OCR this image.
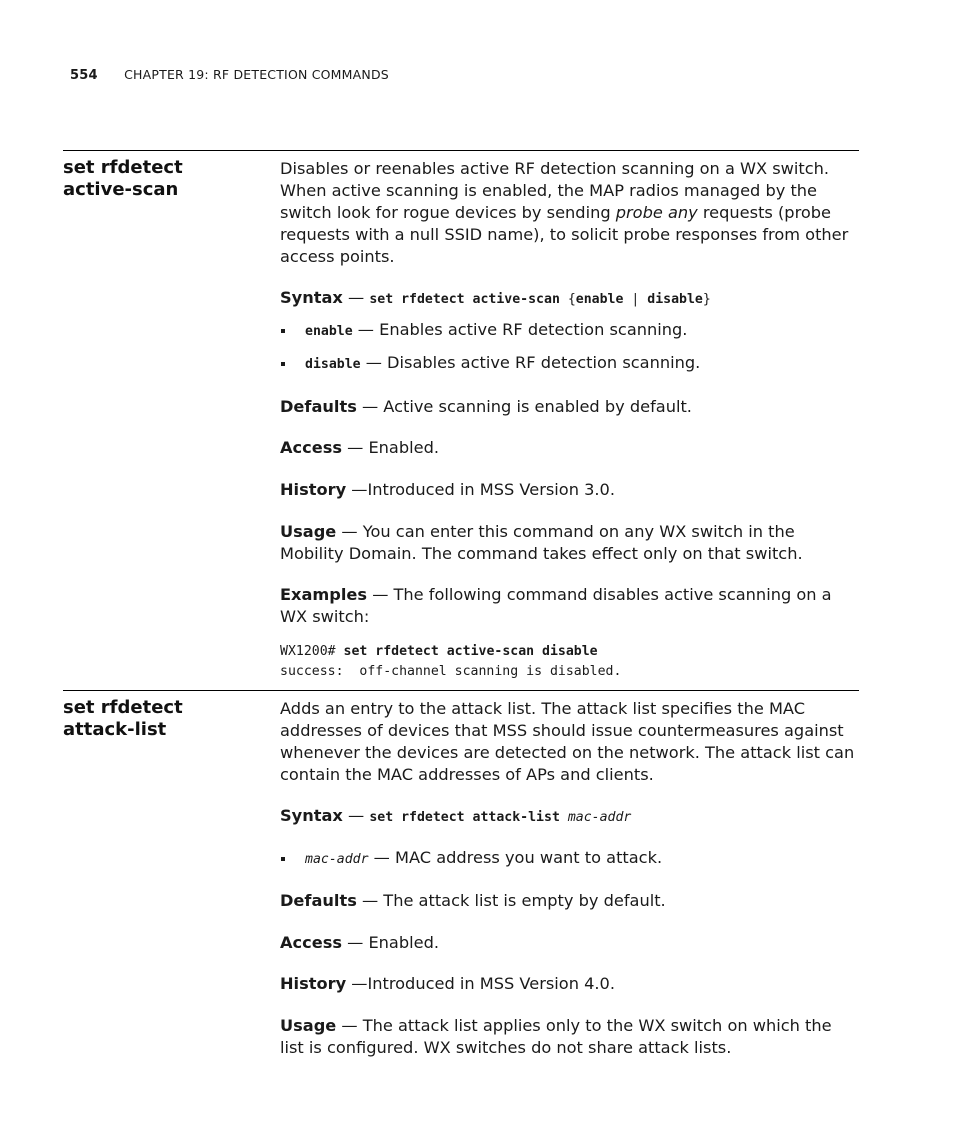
554 CHAPTER 19: RF DETECTION COMMANDS
set rfdetect
active-scan

Disables or reenables active RF detection scanning on a WX switch. When active scanning is enabled, the MAP radios managed by the switch look for rogue devices by sending probe any requests (probe requests with a null SSID name), to solicit probe responses from other access points.

Syntax — set rfdetect active-scan {enable | disable}

enable — Enables active RF detection scanning.
disable — Disables active RF detection scanning.

Defaults — Active scanning is enabled by default.

Access — Enabled.

History —Introduced in MSS Version 3.0.

Usage — You can enter this command on any WX switch in the Mobility Domain. The command takes effect only on that switch.

Examples — The following command disables active scanning on a WX switch:

WX1200# set rfdetect active-scan disable
success:  off-channel scanning is disabled.
set rfdetect
attack-list

Adds an entry to the attack list. The attack list specifies the MAC addresses of devices that MSS should issue countermeasures against whenever the devices are detected on the network. The attack list can contain the MAC addresses of APs and clients.

Syntax — set rfdetect attack-list mac-addr

mac-addr — MAC address you want to attack.

Defaults — The attack list is empty by default.

Access — Enabled.

History —Introduced in MSS Version 4.0.

Usage — The attack list applies only to the WX switch on which the list is configured. WX switches do not share attack lists.
